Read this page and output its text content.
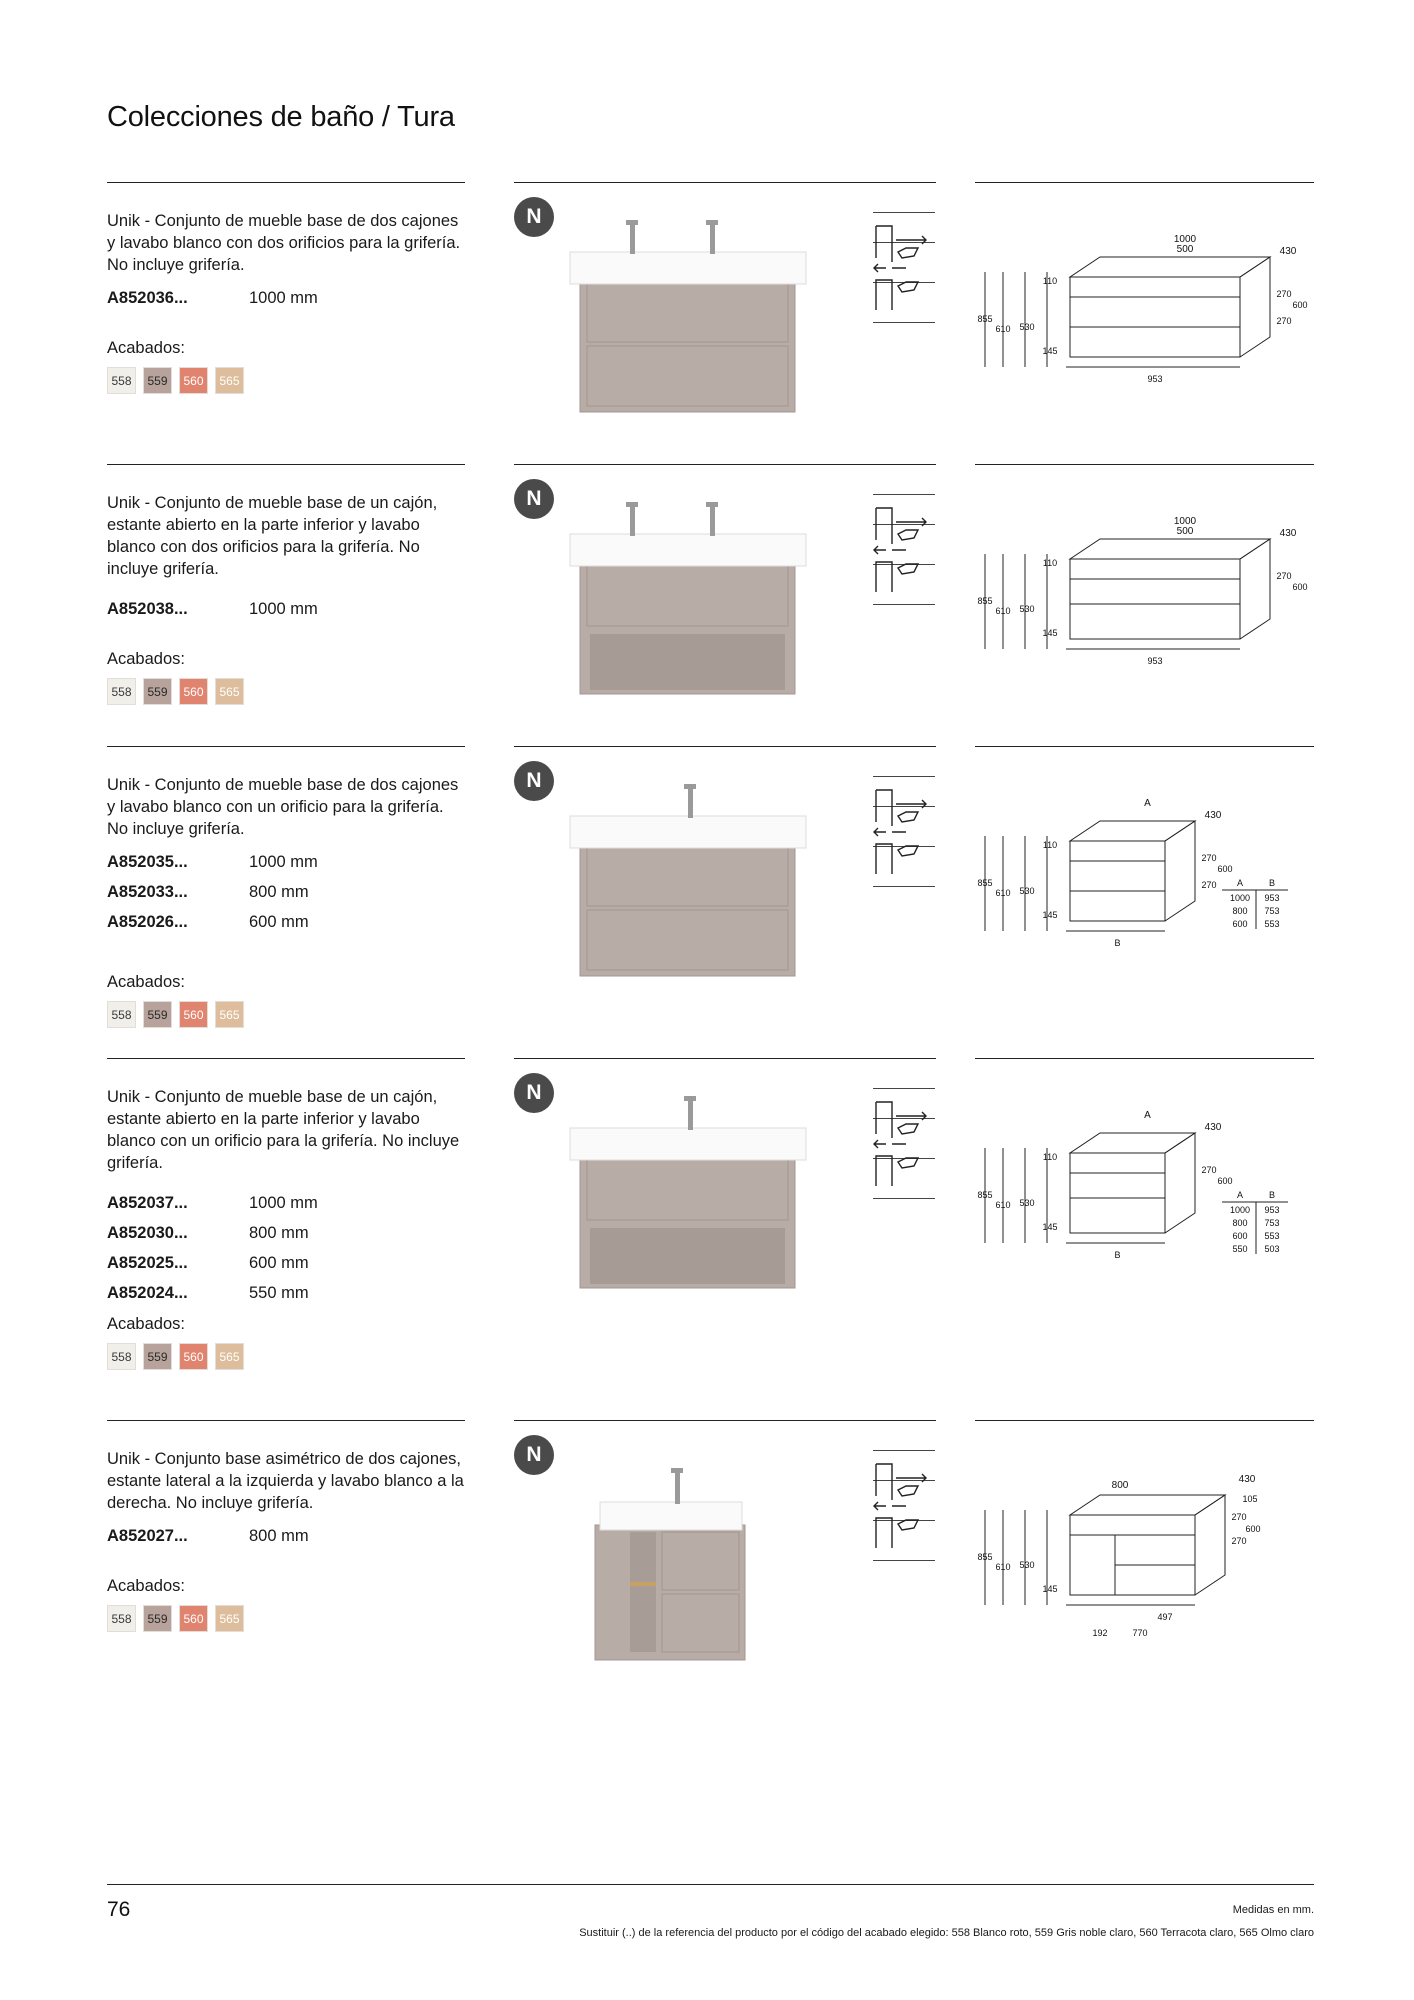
Colecciones de baño / Tura

Unik - Conjunto de mueble base de dos cajones y lavabo blanco con dos orificios para la grifería. No incluye grifería.

A852036...	1000 mm
Acabados:
558	559	560	565
N
1000
500	430
270
600
270
953
855
610 530
110
145

Unik - Conjunto de mueble base de un cajón, estante abierto en la parte inferior y lavabo blanco con dos orificios para la grifería. No incluye grifería.

A852038...	1000 mm
Acabados:
558	559	560	565
N
1000
500	430
270
600
953
855
610 530
110
145

Unik - Conjunto de mueble base de dos cajones y lavabo blanco con un orificio para la grifería. No incluye grifería.

A852035...	1000 mm
A852033...	800 mm
A852026...	600 mm
Acabados:
558	559	560	565
N
A
430
270
600
270
B
855
610 530
110
145
A	B
1000 953
800 753
600 553

Unik - Conjunto de mueble base de un cajón, estante abierto en la parte inferior y lavabo blanco con un orificio para la grifería. No incluye grifería.

A852037...	1000 mm
A852030...	800 mm
A852025...	600 mm
A852024...	550 mm
Acabados:
558	559	560	565
N
A
430
270
600
B
855
610 530
110
145
A	B
1000 953
800 753
600 553
550 503

Unik - Conjunto base asimétrico de dos cajones, estante lateral a la izquierda y lavabo blanco a la derecha. No incluye grifería.

A852027...	800 mm
Acabados:
558	559	560	565
N
800
430
105
270
600
270
497
192	770
855
610 530
145
76	Medidas en mm.
Sustituir (..) de la referencia del producto por el código del acabado elegido: 558 Blanco roto, 559 Gris noble claro, 560 Terracota claro, 565 Olmo claro
